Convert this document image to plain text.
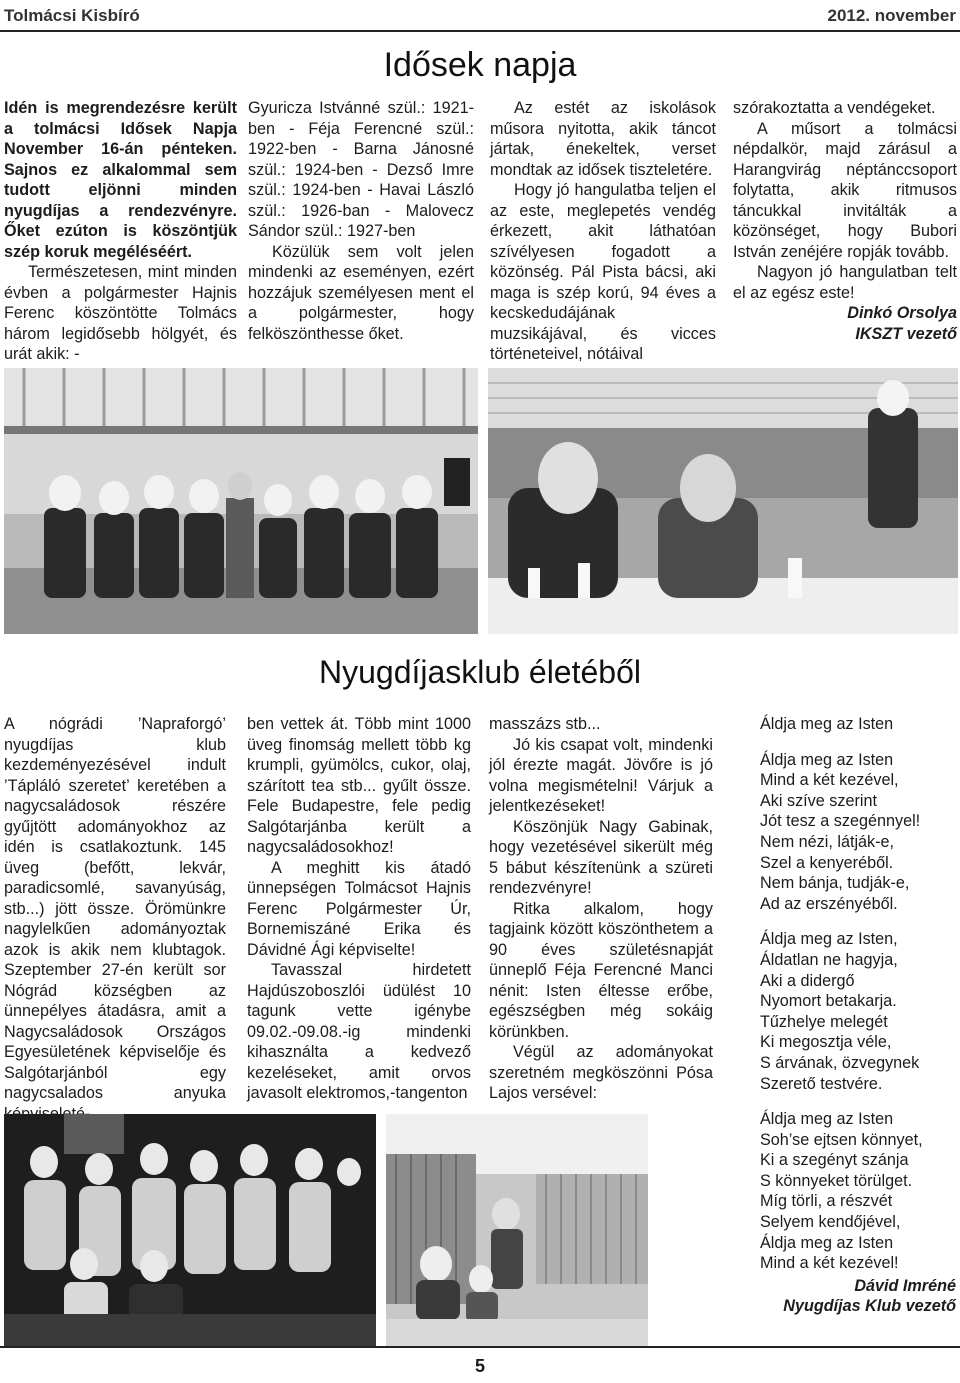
Tolmácsi Kisbíró	2012. november
Idősek napja

Idén is megrendezésre került a tolmácsi Idősek Napja November 16-án pénteken. Sajnos ez alkalommal sem tudott eljönni minden nyugdíjas a rendezvényre. Őket ezúton is köszöntjük szép koruk megéléséért.

Természetesen, mint minden évben a polgármester Hajnis Ferenc köszöntötte Tolmács három legidősebb hölgyét, és urát akik: -

Gyuricza Istvánné szül.: 1921-ben - Féja Ferencné szül.: 1922-ben - Barna Jánosné szül.: 1924-ben - Dezső Imre szül.: 1924-ben - Havai László szül.: 1926-ban - Malovecz Sándor szül.: 1927-ben

Közülük sem volt jelen mindenki az eseményen, ezért hozzájuk személyesen ment el a polgármester, hogy felköszönthesse őket.

Az estét az iskolások műsora nyitotta, akik táncot jártak, énekeltek, verset mondtak az idősek tiszteletére.

Hogy jó hangulatba teljen el az este, meglepetés vendég érkezett, akit láthatóan szívélyesen fogadott a közönség. Pál Pista bácsi, aki maga is szép korú, 94 éves a kecskedudájának muzsikájával, és vicces történeteivel, nótáival

szórakoztatta a vendégeket.

A műsort a tolmácsi népdalkör, majd zárásul a Harangvirág néptánccsoport folytatta, akik ritmusos táncukkal invitálták a közönséget, hogy Bubori István zenéjére ropják tovább.

Nagyon jó hangulatban telt el az egész este!

Dinkó Orsolya

IKSZT vezető

Nyugdíjasklub életéből

A nógrádi ’Napraforgó’ nyugdíjas klub kezdeményezésével indult ’Tápláló szeretet’ keretében a nagycsaládosok részére gyűjtött adományokhoz az idén is csatlakoztunk. 145 üveg (befőtt, lekvár, paradicsomlé, savanyúság, stb...) jött össze. Örömünkre nagylelkűen adományoztak azok is akik nem klubtagok. Szeptember 27-én került sor Nógrád községben az ünnepélyes átadásra, amit a Nagycsaládosok Országos Egyesületének képviselője és Salgótarjánból egy nagycsalados anyuka

ben vettek át. Több mint 1000 üveg finomság mellett több kg krumpli, gyümölcs, cukor, olaj, szárított tea stb... gyűlt össze. Fele Budapestre, fele pedig Salgótarjánba került a nagycsaládosokhoz!

A meghitt kis átadó ünnepségen Tolmácsot Hajnis Ferenc Polgármester Úr, Bornemiszáné Erika és Dávidné Ági képviselte!

Tavasszal hirdetett Hajdúszoboszlói üdülést 10 tagunk vette igénybe 09.02.-09.08.-ig mindenki kihasználta a kedvező kezeléseket, amit orvos javasolt elektromos,-tangenton

masszázs stb...

Jó kis csapat volt, mindenki jól érezte magát. Jövőre is jó volna megismételni! Várjuk a jelentkezéseket!

Köszönjük Nagy Gabinak, hogy vezetésével sikerült még 5 bábut készítenünk a szüreti rendezvényre!

Ritka alkalom, hogy tagjaink között köszönthetem a 90 éves születésnapját ünneplő Féja Ferencné Manci nénit: Isten éltesse erőbe, egészségben még sokáig körünkben.

Végül az adományokat szeretném megköszönni Pósa Lajos versével:

Áldja meg az Isten
Áldja meg az Isten
Mind a két kezével,
Aki szíve szerint
Jót tesz a szegénnyel!
Nem nézi, látják-e,
Szel a kenyeréből.
Nem bánja, tudják-e,
Ad az erszényéből.
Áldja meg az Isten,
Áldatlan ne hagyja,
Aki a didergő
Nyomort betakarja.
Tűzhelye melegét
Ki megosztja véle,
S árvának, özvegynek
Szerető testvére.
Áldja meg az Isten
Soh’se ejtsen könnyet,
Ki a szegényt szánja
S könnyeket törülget.
Míg törli, a részvét
Selyem kendőjével,
Áldja meg az Isten
Mind a két kezével!
Dávid Imréné
Nyugdíjas Klub vezető
5
